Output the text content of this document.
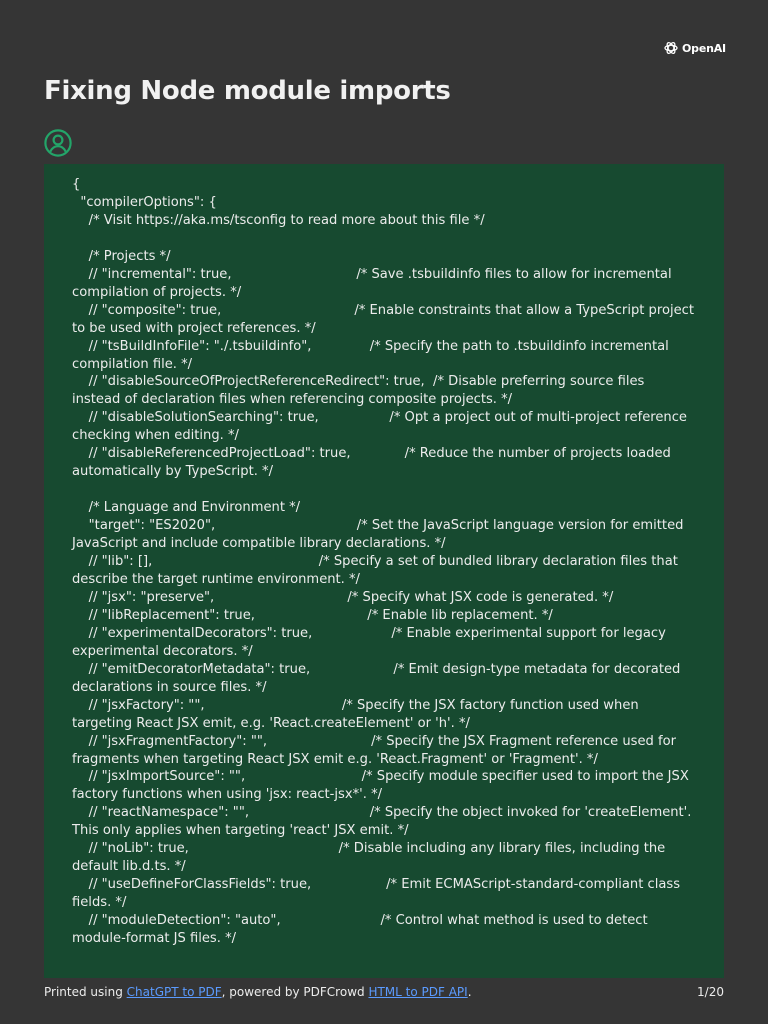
OpenAI
Fixing Node module imports
{
"compilerOptions": {
/* Visit https://aka.ms/tsconfig to read more about this file */

/* Projects */
// "incremental": true,                              /* Save .tsbuildinfo files to allow for incremental compilation of projects. */
// "composite": true,                                /* Enable constraints that allow a TypeScript project to be used with project references. */
// "tsBuildInfoFile": "./.tsbuildinfo",              /* Specify the path to .tsbuildinfo incremental compilation file. */
// "disableSourceOfProjectReferenceRedirect": true,  /* Disable preferring source files instead of declaration files when referencing composite projects. */
// "disableSolutionSearching": true,                 /* Opt a project out of multi-project reference checking when editing. */
// "disableReferencedProjectLoad": true,             /* Reduce the number of projects loaded automatically by TypeScript. */

/* Language and Environment */
"target": "ES2020",                                  /* Set the JavaScript language version for emitted JavaScript and include compatible library declarations. */
// "lib": [],                                        /* Specify a set of bundled library declaration files that describe the target runtime environment. */
// "jsx": "preserve",                                /* Specify what JSX code is generated. */
// "libReplacement": true,                           /* Enable lib replacement. */
// "experimentalDecorators": true,                   /* Enable experimental support for legacy experimental decorators. */
// "emitDecoratorMetadata": true,                    /* Emit design-type metadata for decorated declarations in source files. */
// "jsxFactory": "",                                 /* Specify the JSX factory function used when targeting React JSX emit, e.g. 'React.createElement' or 'h'. */
// "jsxFragmentFactory": "",                         /* Specify the JSX Fragment reference used for fragments when targeting React JSX emit e.g. 'React.Fragment' or 'Fragment'. */
// "jsxImportSource": "",                            /* Specify module specifier used to import the JSX factory functions when using 'jsx: react-jsx*'. */
// "reactNamespace": "",                             /* Specify the object invoked for 'createElement'. This only applies when targeting 'react' JSX emit. */
// "noLib": true,                                    /* Disable including any library files, including the default lib.d.ts. */
// "useDefineForClassFields": true,                  /* Emit ECMAScript-standard-compliant class fields. */
// "moduleDetection": "auto",                        /* Control what method is used to detect module-format JS files. */

Printed using ChatGPT to PDF, powered by PDFCrowd HTML to PDF API.	1/20
